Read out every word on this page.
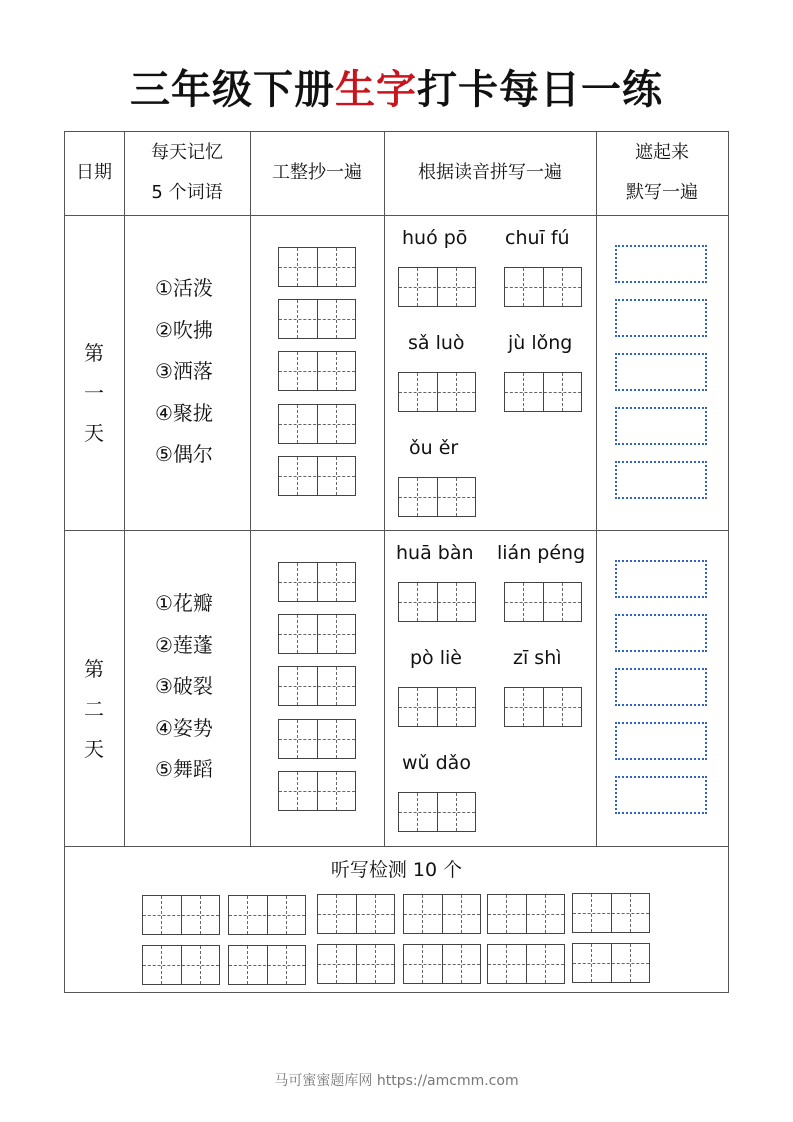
三年级下册生字打卡每日一练
日期
每天记忆
5 个词语
工整抄一遍	根据读音拼写一遍
遮起来
默写一遍
第
一
天
①活泼
②吹拂
③洒落
④聚拢
⑤偶尔
huó pō chuī fú
sǎ luò jù lǒng
ǒu ěr
第
二
天
①花瓣
②莲蓬
③破裂
④姿势
⑤舞蹈
huā bàn lián péng
pò liè	zī shì
wǔ dǎo
听写检测 10 个
马可蜜蜜题库网 https://amcmm.com
